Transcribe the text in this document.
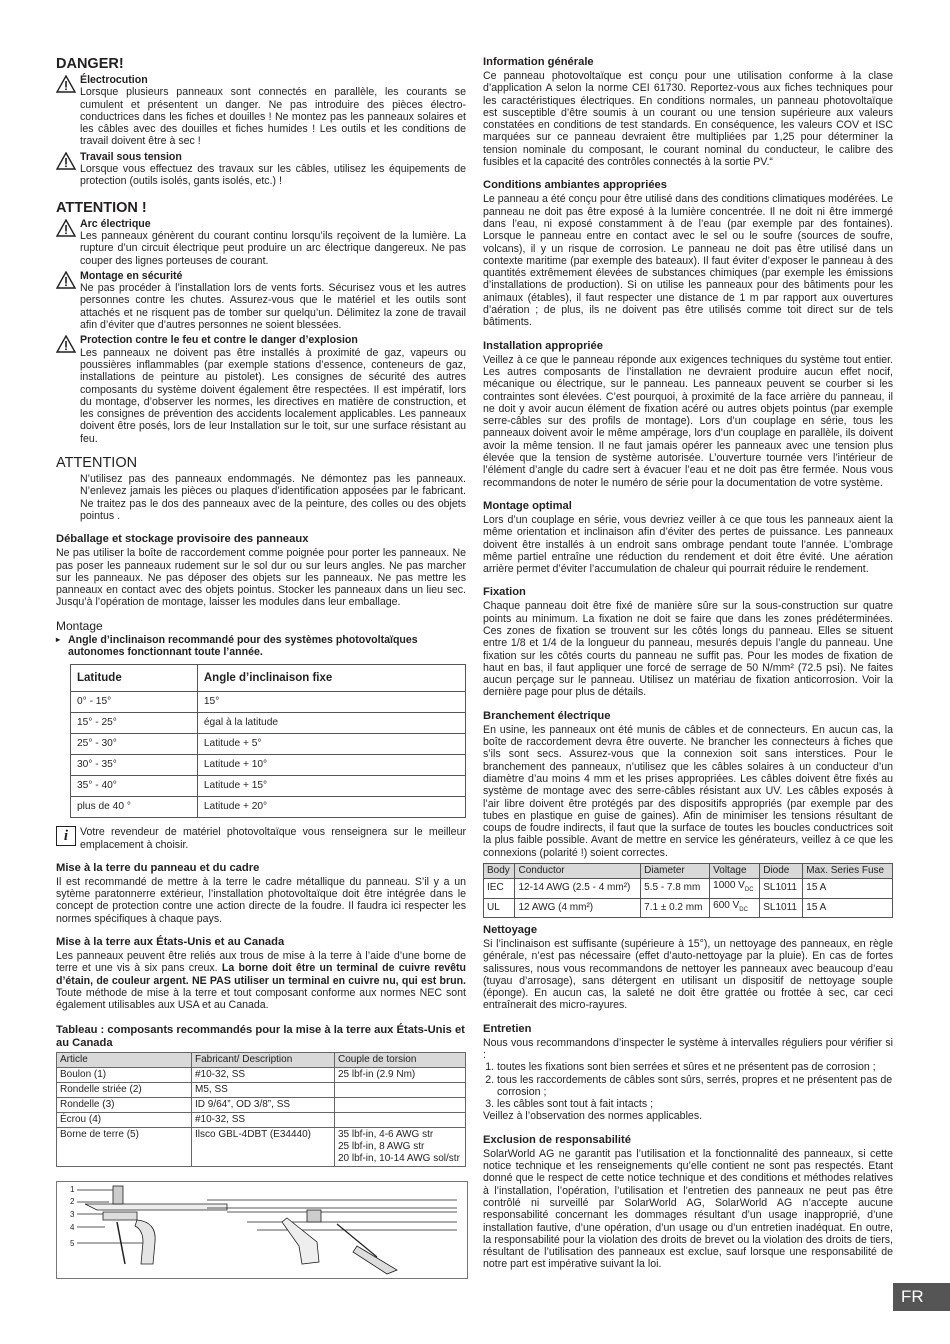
DANGER!
Électrocution

Lorsque plusieurs panneaux sont connectés en parallèle, les courants se cumulent et présentent un danger. Ne pas introduire des pièces électro-conductrices dans les fiches et douilles ! Ne montez pas les panneaux solaires et les câbles avec des douilles et fiches humides ! Les outils et les conditions de travail doivent être à sec !

Travail sous tension

Lorsque vous effectuez des travaux sur les câbles, utilisez les équipements de protection (outils isolés, gants isolés, etc.) !

ATTENTION !
Arc électrique

Les panneaux génèrent du courant continu lorsqu’ils reçoivent de la lumière. La rupture d’un circuit électrique peut produire un arc électrique dangereux. Ne pas couper des lignes porteuses de courant.

Montage en sécurité

Ne pas procéder à l’installation lors de vents forts. Sécurisez vous et les autres personnes contre les chutes. Assurez-vous que le matériel et les outils sont attachés et ne risquent pas de tomber sur quelqu’un. Délimitez la zone de travail afin d’éviter que d’autres personnes ne soient blessées.

Protection contre le feu et contre le danger d’explosion

Les panneaux ne doivent pas être installés à proximité de gaz, vapeurs ou poussières inflammables (par exemple stations d’essence, conteneurs de gaz, installations de peinture au pistolet). Les consignes de sécurité des autres composants du système doivent également être respectées. Il est impératif, lors du montage, d’observer les normes, les directives en matière de construction, et les consignes de prévention des accidents localement applicables. Les panneaux doivent être posés, lors de leur Installation sur le toit, sur une surface résistant au feu.

ATTENTION

N’utilisez pas des panneaux endommagés. Ne démontez pas les panneaux. N’enlevez jamais les pièces ou plaques d’identification apposées par le fabricant. Ne traitez pas le dos des panneaux avec de la peinture, des colles ou des objets pointus .

Déballage et stockage provisoire des panneaux

Ne pas utiliser la boîte de raccordement comme poignée pour porter les panneaux. Ne pas poser les panneaux rudement sur le sol dur ou sur leurs angles. Ne pas marcher sur les panneaux. Ne pas déposer des objets sur les panneaux. Ne pas mettre les panneaux en contact avec des objets pointus. Stocker les panneaux dans un lieu sec. Jusqu’à l’opération de montage, laisser les modules dans leur emballage.

Montage
▸ Angle d’inclinaison recommandé pour des systèmes photovoltaïques autonomes fonctionnant toute l’année.
Latitude	Angle d’inclinaison fixe
0° - 15°	15°
15° - 25°	égal à la latitude
25° - 30°	Latitude + 5°
30° - 35°	Latitude + 10°
35° - 40°	Latitude + 15°
plus de 40 °	Latitude + 20°
i	Votre revendeur de matériel photovoltaïque vous renseignera sur le meilleur emplacement à choisir.

Mise à la terre du panneau et du cadre

Il est recommandé de mettre à la terre le cadre métallique du panneau. S’il y a un sytème paratonnerre extérieur, l’installation photovoltaïque doit être intégrée dans le concept de protection contre une action directe de la foudre. Il faudra ici respecter les normes spécifiques à chaque pays.

Mise à la terre aux États-Unis et au Canada

Les panneaux peuvent être reliés aux trous de mise à la terre à l’aide d’une borne de terre et une vis à six pans creux. La borne doit être un terminal de cuivre revêtu d’étain, de couleur argent. NE PAS utiliser un terminal en cuivre nu, qui est brun. Toute méthode de mise à la terre et tout composant conforme aux normes NEC sont également utilisables aux USA et au Canada.

Tableau : composants recommandés pour la mise à la terre aux États-Unis et au Canada
Article	Fabricant/ Description	Couple de torsion
Boulon (1)	#10-32, SS	25 lbf-in (2.9 Nm)
Rondelle striée (2)	M5, SS	
Rondelle (3)	ID 9/64”, OD 3/8”, SS	
Écrou (4)	#10-32, SS	
Borne de terre (5)	Ilsco GBL-4DBT (E34440)	35 lbf-in, 4-6 AWG str
25 lbf-in, 8 AWG str
20 lbf-in, 10-14 AWG sol/str
1
2
3
4
5
Information générale

Ce panneau photovoltaïque est conçu pour une utilisation conforme à la clase d’application A selon la norme CEI 61730. Reportez-vous aux fiches techniques pour les caractéristiques électriques. En conditions normales, un panneau photovoltaïque est susceptible d’être soumis à un courant ou une tension supérieure aux valeurs constatées en conditions de test standards. En conséquence, les valeurs COV et ISC marquées sur ce panneau devraient être multipliées par 1,25 pour déterminer la tension nominale du composant, le courant nominal du conducteur, le calibre des fusibles et la capacité des contrôles connectés à la sortie PV.“

Conditions ambiantes appropriées

Le panneau a été conçu pour être utilisé dans des conditions climatiques modérées. Le panneau ne doit pas être exposé à la lumière concentrée. Il ne doit ni être immergé dans l’eau, ni exposé constamment à de l’eau (par exemple par des fontaines). Lorsque le panneau entre en contact avec le sel ou le soufre (sources de soufre, volcans), il y un risque de corrosion. Le panneau ne doit pas être utilisé dans un contexte maritime (par exemple des bateaux). Il faut éviter d’exposer le panneau à des quantités extrêmement élevées de substances chimiques (par exemple les émissions d’installations de production). Si on utilise les panneaux pour des bâtiments pour les animaux (étables), il faut respecter une distance de 1 m par rapport aux ouvertures d’aération ; de plus, ils ne doivent pas être utilisés comme toit direct sur de tels bâtiments.

Installation appropriée

Veillez à ce que le panneau réponde aux exigences techniques du système tout entier. Les autres composants de l’installation ne devraient produire aucun effet nocif, mécanique ou électrique, sur le panneau. Les panneaux peuvent se courber si les contraintes sont élevées. C’est pourquoi, à proximité de la face arrière du panneau, il ne doit y avoir aucun élément de fixation acéré ou autres objets pointus (par exemple serre-câbles sur des profils de montage). Lors d’un couplage en série, tous les panneaux doivent avoir le même ampérage, lors d’un couplage en parallèle, ils doivent avoir la même tension. Il ne faut jamais opérer les panneaux avec une tension plus élevée que la tension de système autorisée. L’ouverture tournée vers l’intérieur de l’élément d’angle du cadre sert à évacuer l’eau et ne doit pas être fermée. Nous vous recommandons de noter le numéro de série pour la documentation de votre système.

Montage optimal

Lors d’un couplage en série, vous devriez veiller à ce que tous les panneaux aient la même orientation et inclinaison afin d’éviter des pertes de puissance. Les panneaux doivent être installés à un endroit sans ombrage pendant toute l’année. L’ombrage même partiel entraîne une réduction du rendement et doit être évité. Une aération arrière permet d’éviter l’accumulation de chaleur qui pourrait réduire le rendement.

Fixation

Chaque panneau doit être fixé de manière sûre sur la sous-construction sur quatre points au minimum. La fixation ne doit se faire que dans les zones prédéterminées. Ces zones de fixation se trouvent sur les côtés longs du panneau. Elles se situent entre 1/8 et 1/4 de la longueur du panneau, mesurés depuis l’angle du panneau. Une fixation sur les côtés courts du panneau ne suffit pas. Pour les modes de fixation de haut en bas, il faut appliquer une forcé de serrage de 50 N/mm² (72.5 psi). Ne faites aucun perçage sur le panneau. Utilisez un matériau de fixation anticorrosion. Voir la dernière page pour plus de détails.

Branchement électrique

En usine, les panneaux ont été munis de câbles et de connecteurs. En aucun cas, la boîte de raccordement devra être ouverte. Ne brancher les connecteurs à fiches que s’ils sont secs. Assurez-vous que la connexion soit sans interstices. Pour le branchement des panneaux, n’utilisez que les câbles solaires à un conducteur d’un diamètre d’au moins 4 mm et les prises appropriées. Les câbles doivent être fixés au système de montage avec des serre-câbles résistant aux UV. Les câbles exposés à l’air libre doivent être protégés par des dispositifs appropriés (par exemple par des tubes en plastique en guise de gaines). Afin de minimiser les tensions résultant de coups de foudre indirects, il faut que la surface de toutes les boucles conductrices soit la plus faible possible. Avant de mettre en service les générateurs, veillez à ce que les connexions (polarité !) soient correctes.

Body	Conductor	Diameter	Voltage	Diode	Max. Series Fuse
IEC	12-14 AWG (2.5 - 4 mm²)	5.5 - 7.8 mm	1000 $V_{DC}$	SL1011	15 A
UL	12 AWG (4 mm²)	7.1 ± 0.2 mm	600 $V_{DC}$	SL1011	15 A
Nettoyage

Si l’inclinaison est suffisante (supérieure à 15°), un nettoyage des panneaux, en règle générale, n’est pas nécessaire (effet d’auto-nettoyage par la pluie). En cas de fortes salissures, nous vous recommandons de nettoyer les panneaux avec beaucoup d’eau (tuyau d’arrosage), sans détergent en utilisant un dispositif de nettoyage souple (éponge). En aucun cas, la saleté ne doit être grattée ou frottée à sec, car ceci entraînerait des micro-rayures.

Entretien

Nous vous recommandons d’inspecter le système à intervalles réguliers pour vérifier si :

1. toutes les fixations sont bien serrées et sûres et ne présentent pas de corrosion ;
2. tous les raccordements de câbles sont sûrs, serrés, propres et ne présentent pas de corrosion ;
3. les câbles sont tout à fait intacts ;

Veillez à l’observation des normes applicables.

Exclusion de responsabilité

SolarWorld AG ne garantit pas l’utilisation et la fonctionnalité des panneaux, si cette notice technique et les renseignements qu’elle contient ne sont pas respectés. Etant donné que le respect de cette notice technique et des conditions et méthodes relatives à l’installation, l’opération, l’utilisation et l’entretien des panneaux ne peut pas être contrôlé ni surveillé par SolarWorld AG, SolarWorld AG n’accepte aucune responsabilité concernant les dommages résultant d’un usage inapproprié, d’une installation fautive, d’une opération, d’un usage ou d’un entretien inadéquat. En outre, la responsabilité pour la violation des droits de brevet ou la violation des droits de tiers, résultant de l’utilisation des panneaux est exclue, sauf lorsque une responsabilité de notre part est impérative suivant la loi.

FR
